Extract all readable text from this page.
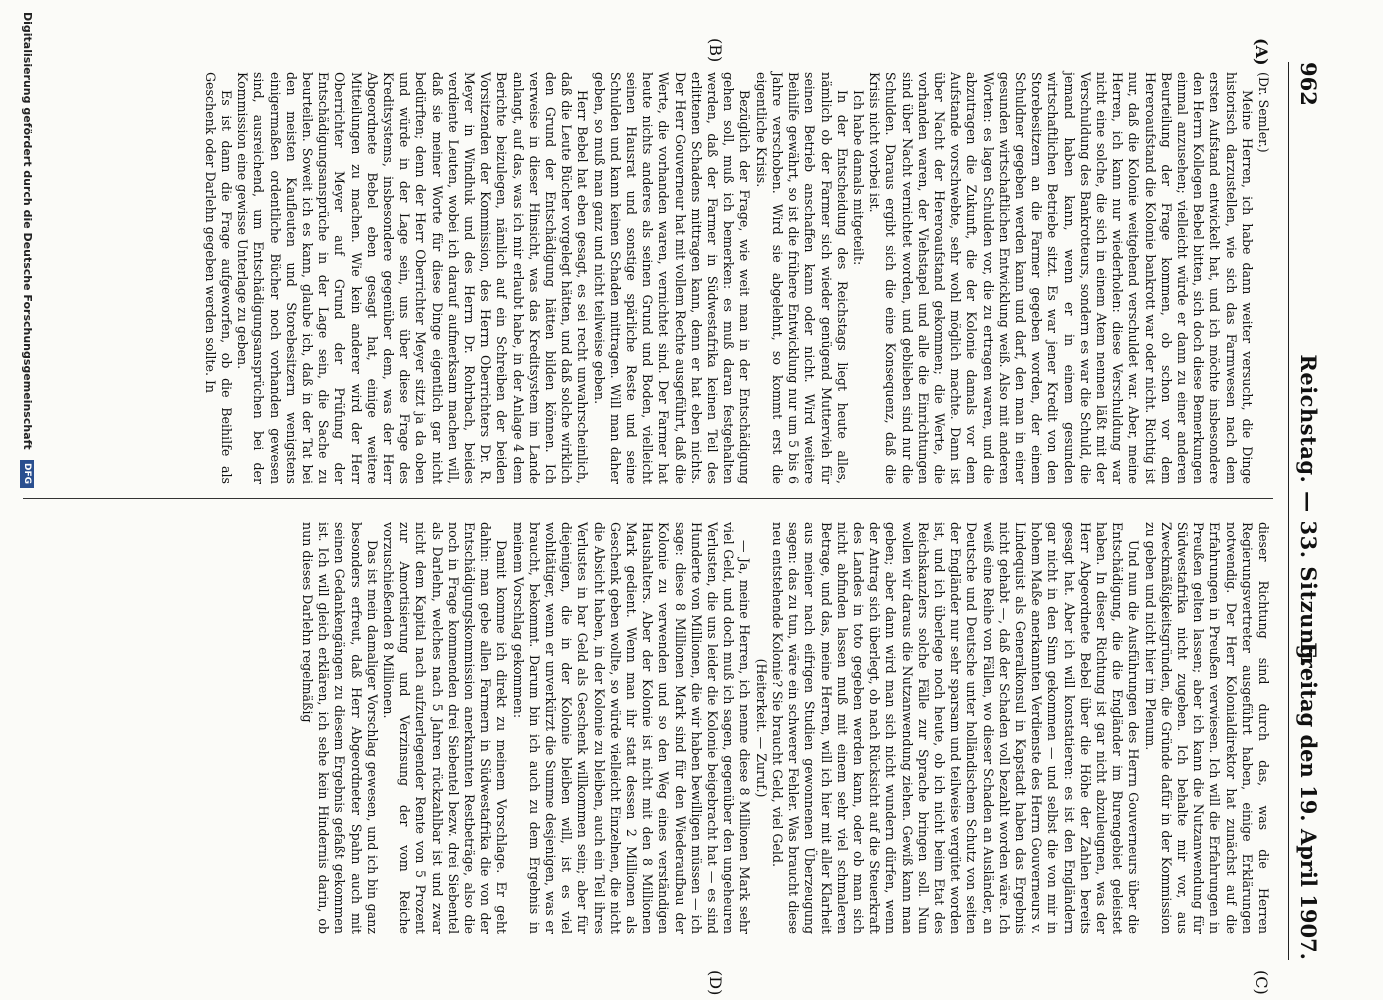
962
Reichstag. — 33. Sitzung.
Freitag den 19. April 1907.
(A)
(B)
(C)
(D)

(Dr. Semler.)

Meine Herren, ich habe dann weiter versucht, die Dinge historisch darzustellen, wie sich das Farmwesen nach dem ersten Aufstand entwickelt hat, und ich möchte insbesondere den Herrn Kollegen Bebel bitten, sich doch diese Bemerkungen einmal anzusehen; vielleicht würde er dann zu einer anderen Beurteilung der Frage kommen, ob schon vor dem Hereroaufstand die Kolonie bankrott war oder nicht. Richtig ist nur, daß die Kolonie weitgehend verschuldet war. Aber, meine Herren, ich kann nur wiederholen: diese Verschuldung war nicht eine solche, die sich in einem Atem nennen läßt mit der Verschuldung des Bankrotteurs, sondern es war die Schuld, die jemand haben kann, wenn er in einem gesunden wirtschaftlichen Betriebe sitzt. Es war jener Kredit von den Storebesitzern an die Farmer gegeben worden, der einem Schuldner gegeben werden kann und darf, den man in einer gesunden wirtschaftlichen Entwicklung weiß. Also mit anderen Worten: es lagen Schulden vor, die zu ertragen waren, und die abzutragen die Zukunft, die der Kolonie damals vor dem Aufstande vorschwebte, sehr wohl möglich machte. Dann ist über Nacht der Hereroaufstand gekommen; die Werte, die vorhanden waren, der Viehstapel und alle die Einrichtungen sind über Nacht vernichtet worden, und geblieben sind nur die Schulden. Daraus ergibt sich die eine Konsequenz, daß die Krisis nicht vorbei ist.

Ich habe damals mitgeteilt:

In der Entscheidung des Reichstags liegt heute alles, nämlich ob der Farmer sich wieder genügend Muttervieh für seinen Betrieb anschaffen kann oder nicht. Wird weitere Beihilfe gewährt, so ist die frühere Entwicklung nur um 5 bis 6 Jahre verschoben. Wird sie abgelehnt, so kommt erst die eigentliche Krisis.

Bezüglich der Frage, wie weit man in der Entschädigung gehen soll, muß ich bemerken: es muß daran festgehalten werden, daß der Farmer in Südwestafrika keinen Teil des erlittenen Schadens mittragen kann, denn er hat eben nichts. Der Herr Gouverneur hat mit vollem Rechte ausgeführt, daß die Werte, die vorhanden waren, vernichtet sind. Der Farmer hat heute nichts anderes als seinen Grund und Boden, vielleicht seinen Hausrat und sonstige spärliche Reste und seine Schulden und kann keinen Schaden mittragen. Will man daher geben, so muß man ganz und nicht teilweise geben.

Herr Bebel hat eben gesagt, es sei recht unwahrscheinlich, daß die Leute Bücher vorgelegt hätten, und daß solche wirklich den Grund der Entschädigung hätten bilden können. Ich verweise in dieser Hinsicht, was das Kreditsystem im Lande anlangt, auf das, was ich mir erlaubt habe, in der Anlage 4 dem Berichte beizulegen, nämlich auf ein Schreiben der beiden Vorsitzenden der Kommission, des Herrn Oberrichters Dr. R. Meyer in Windhuk und des Herrn Dr. Rohrbach, beides verdiente Leuten, wobei ich darauf aufmerksam machen will, daß sie meiner Worte für diese Dinge eigentlich gar nicht bedürften; denn der Herr Oberrichter Meyer sitzt ja da oben und würde in der Lage sein, uns über diese Frage des Kreditsystems, insbesondere gegenüber dem, was der Herr Abgeordnete Bebel eben gesagt hat, einige weitere Mitteilungen zu machen. Wie kein anderer wird der Herr Oberrichter Meyer auf Grund der Prüfung der Entschädigungsansprüche in der Lage sein, die Sache zu beurteilen. Soweit ich es kann, glaube ich, daß in der Tat bei den meisten Kaufleuten und Storebesitzern wenigstens einigermaßen ordentliche Bücher noch vorhanden gewesen sind, ausreichend, um Entschädigungsansprüchen bei der Kommission eine gewisse Unterlage zu geben.

Es ist dann die Frage aufgeworfen, ob die Beihilfe als Geschenk oder Darlehn gegeben werden sollte. In

dieser Richtung sind durch das, was die Herren Regierungsvertreter ausgeführt haben, einige Erklärungen notwendig. Der Herr Kolonialdirektor hat zunächst auf die Erfahrungen in Preußen verwiesen. Ich will die Erfahrungen in Preußen gelten lassen; aber ich kann die Nutzanwendung für Südwestafrika nicht zugeben. Ich behalte mir vor, aus Zweckmäßigkeitsgründen, die Gründe dafür in der Kommission zu geben und nicht hier im Plenum.

Und nun die Ausführungen des Herrn Gouverneurs über die Entschädigung, die die Engländer im Burengebiet geleistet haben. In dieser Richtung ist gar nicht abzuleugnen, was der Herr Abgeordnete Bebel über die Höhe der Zahlen bereits gesagt hat. Aber ich will konstatieren: es ist den Engländern gar nicht in den Sinn gekommen — und selbst die von mir in hohem Maße anerkannten Verdienste des Herrn Gouverneurs v. Lindequist als Generalkonsul in Kapstadt haben das Ergebnis nicht gehabt —, daß der Schaden voll bezahlt worden wäre. Ich weiß eine Reihe von Fällen, wo dieser Schaden an Ausländer, an Deutsche und Deutsche unter holländischem Schutz von seiten der Engländer nur sehr sparsam und teilweise vergütet worden ist, und ich überlege noch heute, ob ich nicht beim Etat des Reichskanzlers solche Fälle zur Sprache bringen soll. Nun wollen wir daraus die Nutzanwendung ziehen. Gewiß kann man geben; aber dann wird man sich nicht wundern dürfen, wenn der Antrag sich überlegt, ob nach Rücksicht auf die Steuerkraft des Landes in toto gegeben werden kann, oder ob man sich nicht abfinden lassen muß mit einem sehr viel schmaleren Betrage, und das, meine Herren, will ich hier mit aller Klarheit aus meiner nach eifrigen Studien gewonnenen Überzeugung sagen: das zu tun, wäre ein schwerer Fehler. Was braucht diese neu entstehende Kolonie? Sie braucht Geld, viel Geld.

(Heiterkeit. — Zuruf.)

— Ja, meine Herren, ich nenne diese 8 Millionen Mark sehr viel Geld, und doch muß ich sagen, gegenüber den ungeheuren Verlusten, die uns leider die Kolonie beigebracht hat — es sind Hunderte von Millionen, die wir haben bewilligen müssen — ich sage: diese 8 Millionen Mark sind für den Wiederaufbau der Kolonie zu verwenden und so den Weg eines verständigen Haushalters. Aber der Kolonie ist nicht mit den 8 Millionen Mark gedient. Wenn man ihr statt dessen 2 Millionen als Geschenk geben wollte, so würde vielleicht Einzelnen, die nicht die Absicht haben, in der Kolonie zu bleiben, auch ein Teil ihres Verlustes in bar Geld als Geschenk willkommen sein; aber für diejenigen, die in der Kolonie bleiben will, ist es viel wohltätiger, wenn er unverkürzt die Summe desjenigen, was er braucht, bekommt. Darum bin ich auch zu dem Ergebnis in meinem Vorschlag gekommen:

Damit komme ich direkt zu meinem Vorschlage. Er geht dahin: man gebe allen Farmern in Südwestafrika die von der Entschädigungskommission anerkannten Restbeträge, also die noch in Frage kommenden drei Siebentel bezw. drei Siebentel als Darlehn, welches nach 5 Jahren rückzahlbar ist und zwar nicht dem Kapital nach aufzuerlegender Rente von 5 Prozent zur Amortisierung und Verzinsung der vom Reiche vorzuschießenden 8 Millionen.

Das ist mein damaliger Vorschlag gewesen, und ich bin ganz besonders erfreut, daß Herr Abgeordneter Spahn auch mit seinen Gedankengängen zu diesem Ergebnis gefaßt gekommen ist. Ich will gleich erklären, ich sehe kein Hindernis darin, ob nun dieses Darlehn regelmäßig

Digitalisierung gefördert durch die Deutsche Forschungsgemeinschaft DFG
